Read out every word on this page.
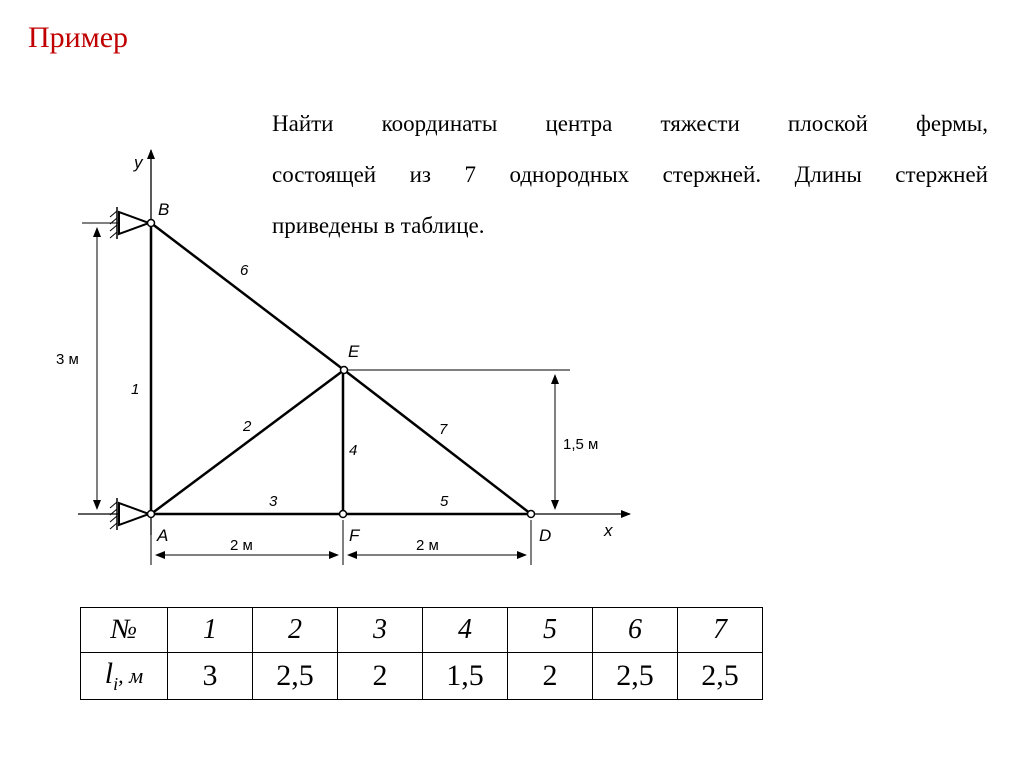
Пример
Найти координаты центра тяжести плоской фермы,
состоящей из 7 однородных стержней. Длины стержней
приведены в таблице.
y
x
3 м
1,5 м
2 м	2 м
1
2
3
4
5
6
7
B
A
E
F	D
№	1	2	3	4	5	6	7
$l_i$, м	3	2,5	2	1,5	2	2,5	2,5
